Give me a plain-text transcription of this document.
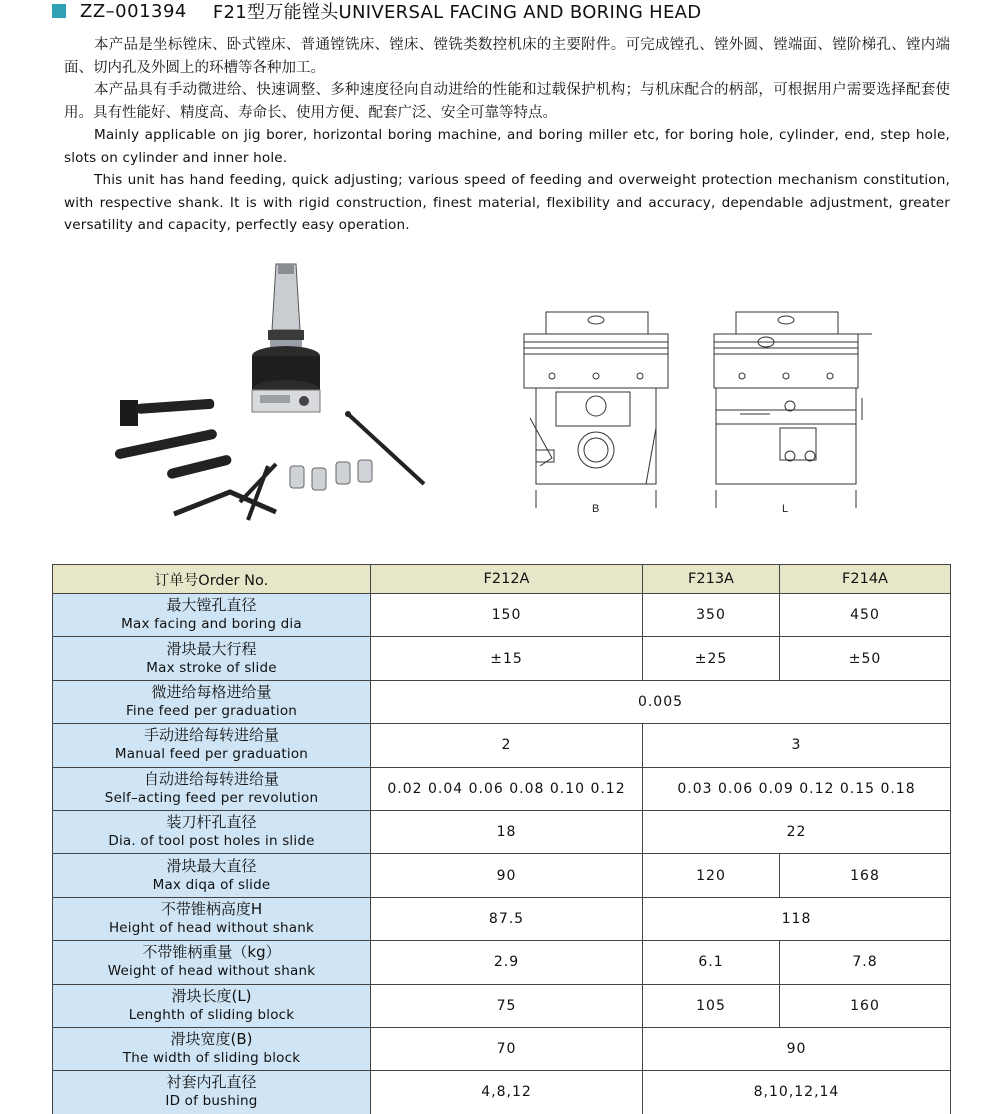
ZZ–001394 F21型万能镗头UNIVERSAL FACING AND BORING HEAD

本产品是坐标镗床、卧式镗床、普通镗铣床、镗床、镗铣类数控机床的主要附件。可完成镗孔、镗外圆、镗端面、镗阶梯孔、镗内端面、切内孔及外圆上的环槽等各种加工。

本产品具有手动微进给、快速调整、多种速度径向自动进给的性能和过载保护机构；与机床配合的柄部，可根据用户需要选择配套使用。具有性能好、精度高、寿命长、使用方便、配套广泛、安全可靠等特点。

Mainly applicable on jig borer, horizontal boring machine, and boring miller etc, for boring hole, cylinder, end, step hole, slots on cylinder and inner hole.

This unit has hand feeding, quick adjusting; various speed of feeding and overweight protection mechanism constitution, with respective shank. It is with rigid construction, finest material, flexibility and accuracy, dependable adjustment, greater versatility and capacity, perfectly easy operation.

B	L
订单号Order No.	F212A	F213A	F214A

最大镗孔直径
Max facing and boring dia	150	350	450

滑块最大行程
Max stroke of slide	±15	±25	±50

微进给每格进给量
Fine feed per graduation	0.005		

手动进给每转进给量
Manual feed per graduation	2	3	

自动进给每转进给量
Self–acting feed per revolution	0.02 0.04 0.06 0.08 0.10 0.12	0.03 0.06 0.09 0.12 0.15 0.18	

装刀杆孔直径
Dia. of tool post holes in slide	18	22	

滑块最大直径
Max diqa of slide	90	120	168

不带锥柄高度H
Height of head without shank	87.5	118	

不带锥柄重量（kg）
Weight of head without shank	2.9	6.1	7.8

滑块长度(L)
Lenghth of sliding block	75	105	160

滑块宽度(B)
The width of sliding block	70	90	

衬套内孔直径
ID of bushing	4,8,12	8,10,12,14	
